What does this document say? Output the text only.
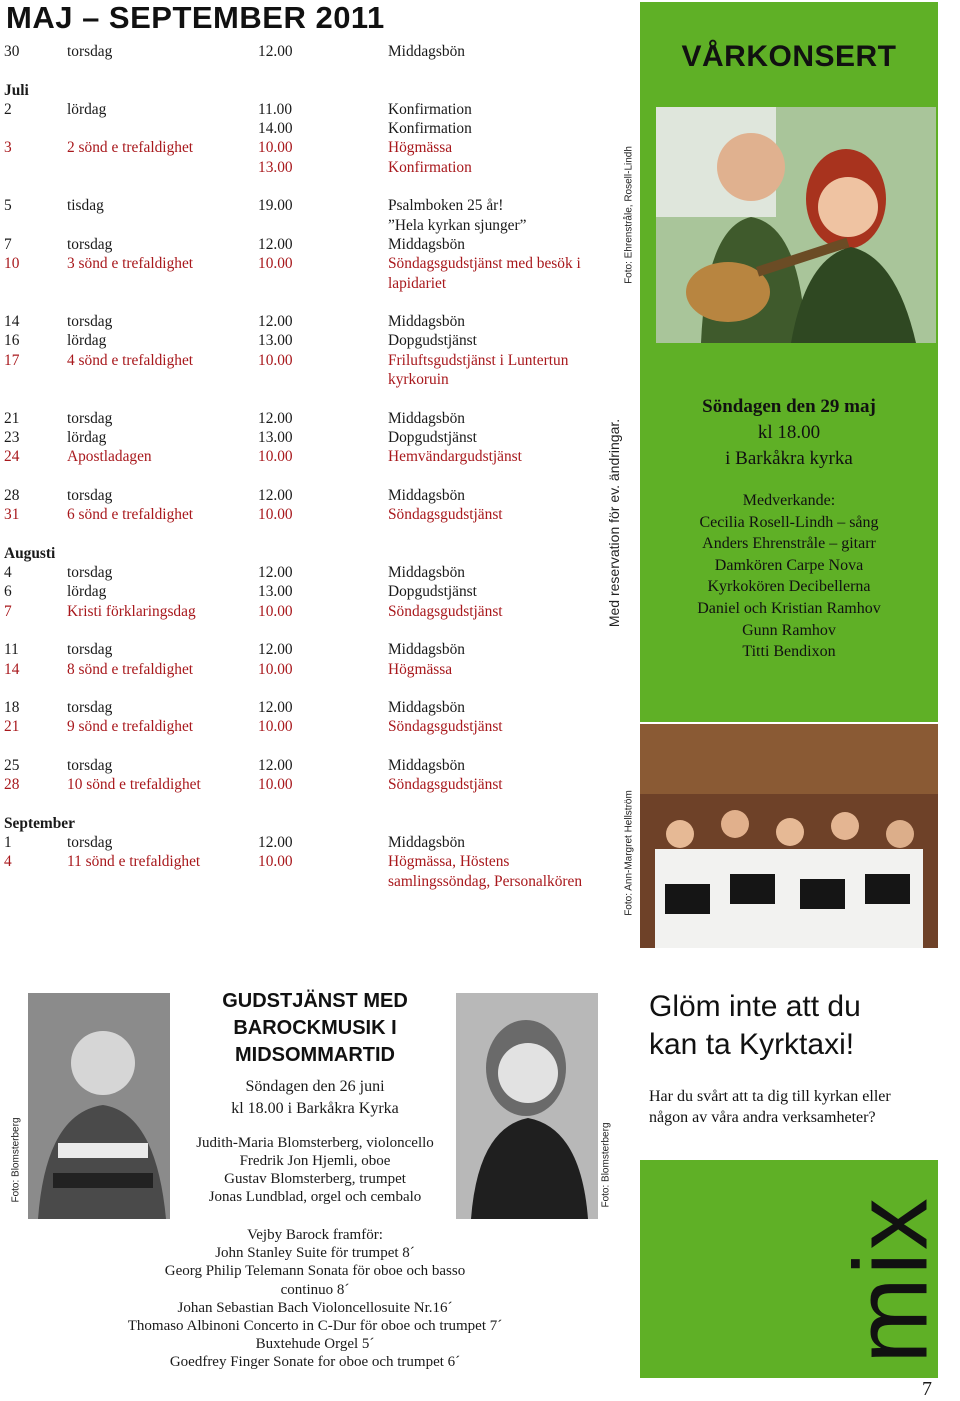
MAJ – SEPTEMBER 2011
30	torsdag	12.00	Middagsbön
Juli
2	lördag	11.00	Konfirmation
14.00	Konfirmation
3	2 sönd e trefaldighet	10.00	Högmässa
13.00	Konfirmation
5	tisdag	19.00	Psalmboken 25 år!
”Hela kyrkan sjunger”
7	torsdag	12.00	Middagsbön
10	3 sönd e trefaldighet	10.00	Söndagsgudstjänst med besök i lapidariet
14	torsdag	12.00	Middagsbön
16	lördag	13.00	Dopgudstjänst
17	4 sönd e trefaldighet	10.00	Friluftsgudstjänst i Luntertun kyrkoruin
21	torsdag	12.00	Middagsbön
23	lördag	13.00	Dopgudstjänst
24	Apostladagen	10.00	Hemvändargudstjänst
28	torsdag	12.00	Middagsbön
31	6 sönd e trefaldighet	10.00	Söndagsgudstjänst
Augusti
4	torsdag	12.00	Middagsbön
6	lördag	13.00	Dopgudstjänst
7	Kristi förklaringsdag	10.00	Söndagsgudstjänst
11	torsdag	12.00	Middagsbön
14	8 sönd e trefaldighet	10.00	Högmässa
18	torsdag	12.00	Middagsbön
21	9 sönd e trefaldighet	10.00	Söndagsgudstjänst
25	torsdag	12.00	Middagsbön
28	10 sönd e trefaldighet	10.00	Söndagsgudstjänst
September
1	torsdag	12.00	Middagsbön
4	11 sönd e trefaldighet	10.00	Högmässa, Höstens samlingssöndag, Personalkören
Med reservation för ev. ändringar.
VÅRKONSERT
Söndagen den 29 maj
kl 18.00
i Barkåkra kyrka
Medverkande:
Cecilia Rosell-Lindh – sång
Anders Ehrenstråle – gitarr
Damkören Carpe Nova
Kyrkokören Decibellerna
Daniel och Kristian Ramhov
Gunn Ramhov
Titti Bendixon
Foto: Ehrenstråle, Rosell-Lindh
Foto: Ann-Margret Hellström
Foto: Blomsterberg	Foto: Blomsterberg
GUDSTJÄNST MED
BAROCKMUSIK I
MIDSOMMARTID
Söndagen den 26 juni
kl 18.00 i Barkåkra Kyrka
Judith-Maria Blomsterberg, violoncello
Fredrik Jon Hjemli, oboe
Gustav Blomsterberg, trumpet
Jonas Lundblad, orgel och cembalo
Vejby Barock framför:
John Stanley Suite för trumpet 8´
Georg Philip Telemann Sonata för oboe och basso
continuo 8´
Johan Sebastian Bach Violoncellosuite Nr.16´
Thomaso Albinoni Concerto in C-Dur för oboe och trumpet 7´
Buxtehude Orgel 5´
Goedfrey Finger Sonate for oboe och trumpet 6´
Glöm inte att du
kan ta Kyrktaxi!
Har du svårt att ta dig till kyrkan eller någon av våra andra verksamheter?
mix
7
